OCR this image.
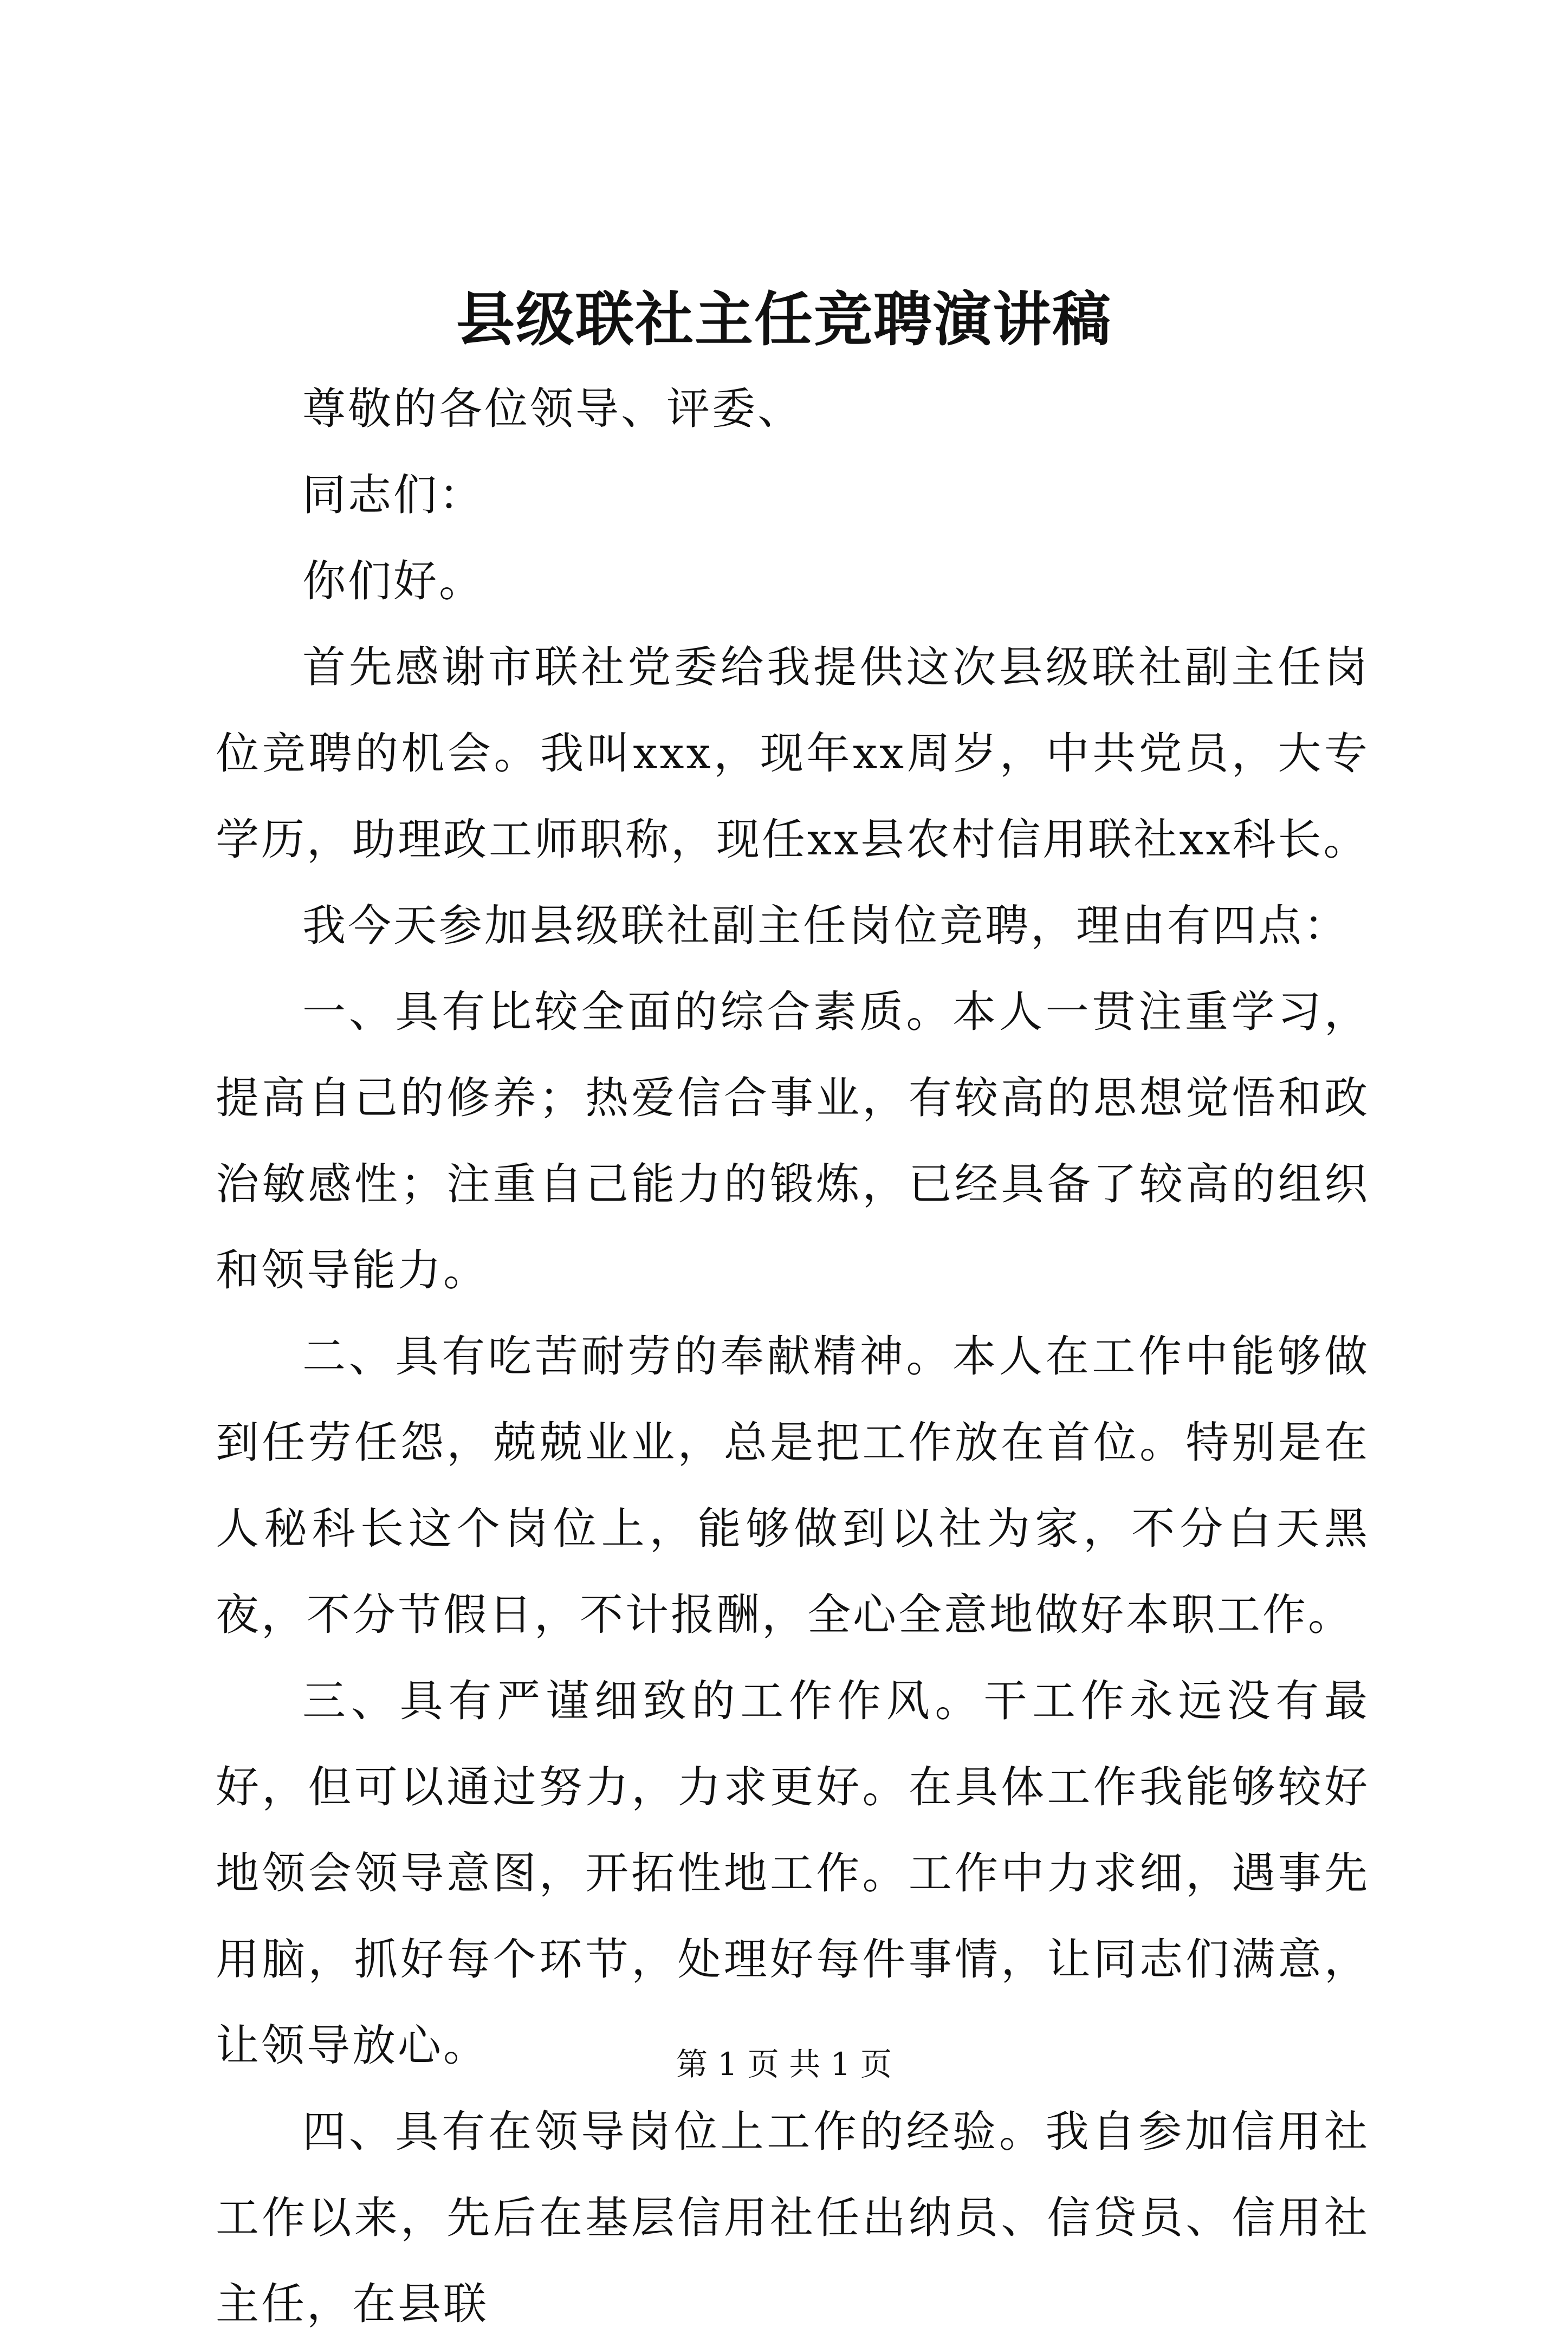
县级联社主任竞聘演讲稿

尊敬的各位领导、评委、

同志们：

你们好。

首先感谢市联社党委给我提供这次县级联社副主任岗位竞聘的机会。我叫xxx，现年xx周岁，中共党员，大专学历，助理政工师职称，现任xx县农村信用联社xx科长。

我今天参加县级联社副主任岗位竞聘，理由有四点：

一、具有比较全面的综合素质。本人一贯注重学习，提高自己的修养；热爱信合事业，有较高的思想觉悟和政治敏感性；注重自己能力的锻炼，已经具备了较高的组织和领导能力。

二、具有吃苦耐劳的奉献精神。本人在工作中能够做到任劳任怨，兢兢业业，总是把工作放在首位。特别是在人秘科长这个岗位上，能够做到以社为家，不分白天黑夜，不分节假日，不计报酬，全心全意地做好本职工作。

三、具有严谨细致的工作作风。干工作永远没有最好，但可以通过努力，力求更好。在具体工作我能够较好地领会领导意图，开拓性地工作。工作中力求细，遇事先用脑，抓好每个环节，处理好每件事情，让同志们满意，让领导放心。

四、具有在领导岗位上工作的经验。我自参加信用社工作以来，先后在基层信用社任出纳员、信贷员、信用社主任，在县联

第 1 页 共 1 页
